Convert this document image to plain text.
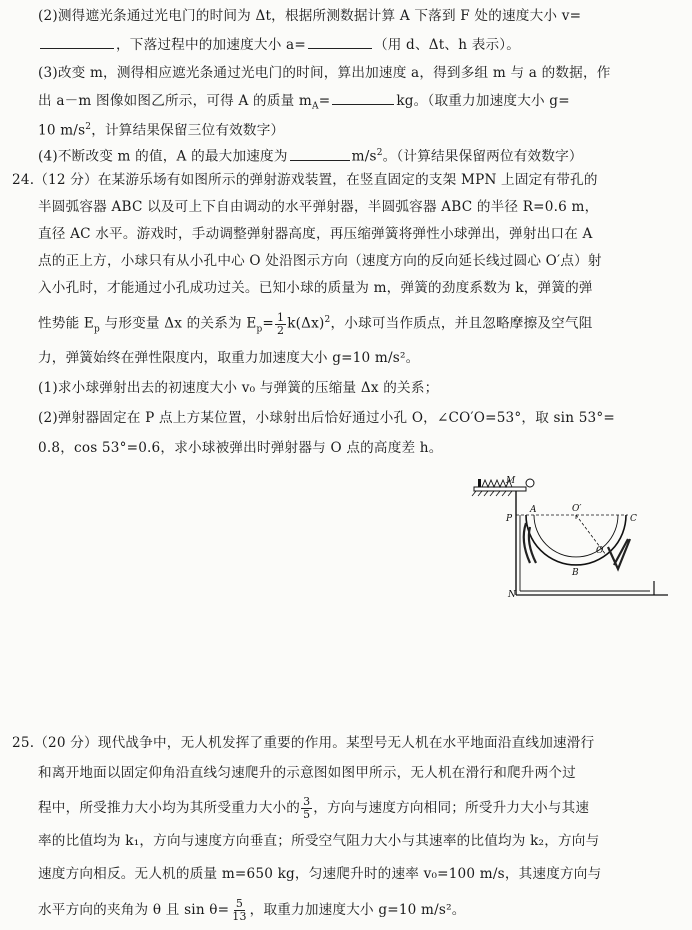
(2)测得遮光条通过光电门的时间为 Δt，根据所测数据计算 A 下落到 F 处的速度大小 v=
，下落过程中的加速度大小 a=	（用 d、Δt、h 表示）。
(3)改变 m，测得相应遮光条通过光电门的时间，算出加速度 a，得到多组 m 与 a 的数据，作
出 a－m 图像如图乙所示，可得 A 的质量 $m_A=$	kg。（取重力加速度大小 g=
10 $m/s^2$，计算结果保留三位有效数字）
(4)不断改变 m 的值，A 的最大加速度为	$m/s^2$。（计算结果保留两位有效数字）
24.（12 分）在某游乐场有如图所示的弹射游戏装置，在竖直固定的支架 MPN 上固定有带孔的
半圆弧容器 ABC 以及可上下自由调动的水平弹射器，半圆弧容器 ABC 的半径 R=0.6 m，
直径 AC 水平。游戏时，手动调整弹射器高度，再压缩弹簧将弹性小球弹出，弹射出口在 A
点的正上方，小球只有从小孔中心 O 处沿图示方向（速度方向的反向延长线过圆心 O′点）射
入小孔时，才能通过小孔成功过关。已知小球的质量为 m，弹簧的劲度系数为 k，弹簧的弹
性势能 $E_p$ 与形变量 Δx 的关系为 $E_p= \frac{1}{2} k(\Delta x)^2$，小球可当作质点，并且忽略摩擦及空气阻
力，弹簧始终在弹性限度内，取重力加速度大小 g=10 m/s²。
(1)求小球弹射出去的初速度大小 v₀ 与弹簧的压缩量 Δx 的关系；
(2)弹射器固定在 P 点上方某位置，小球射出后恰好通过小孔 O，∠CO′O=53°，取 sin 53°=
0.8，cos 53°=0.6，求小球被弹出时弹射器与 O 点的高度差 h。
M
P
A	O′
C
O
B
N
25.（20 分）现代战争中，无人机发挥了重要的作用。某型号无人机在水平地面沿直线加速滑行
和离开地面以固定仰角沿直线匀速爬升的示意图如图甲所示，无人机在滑行和爬升两个过
程中，所受推力大小均为其所受重力大小的 $\frac{3}{5}$ ，方向与速度方向相同；所受升力大小与其速
率的比值均为 k₁，方向与速度方向垂直；所受空气阻力大小与其速率的比值均为 k₂，方向与
速度方向相反。无人机的质量 m=650 kg，匀速爬升时的速率 v₀=100 m/s，其速度方向与
水平方向的夹角为 θ 且 $\sin \theta= \frac{5}{13}$ ，取重力加速度大小 g=10 m/s²。
